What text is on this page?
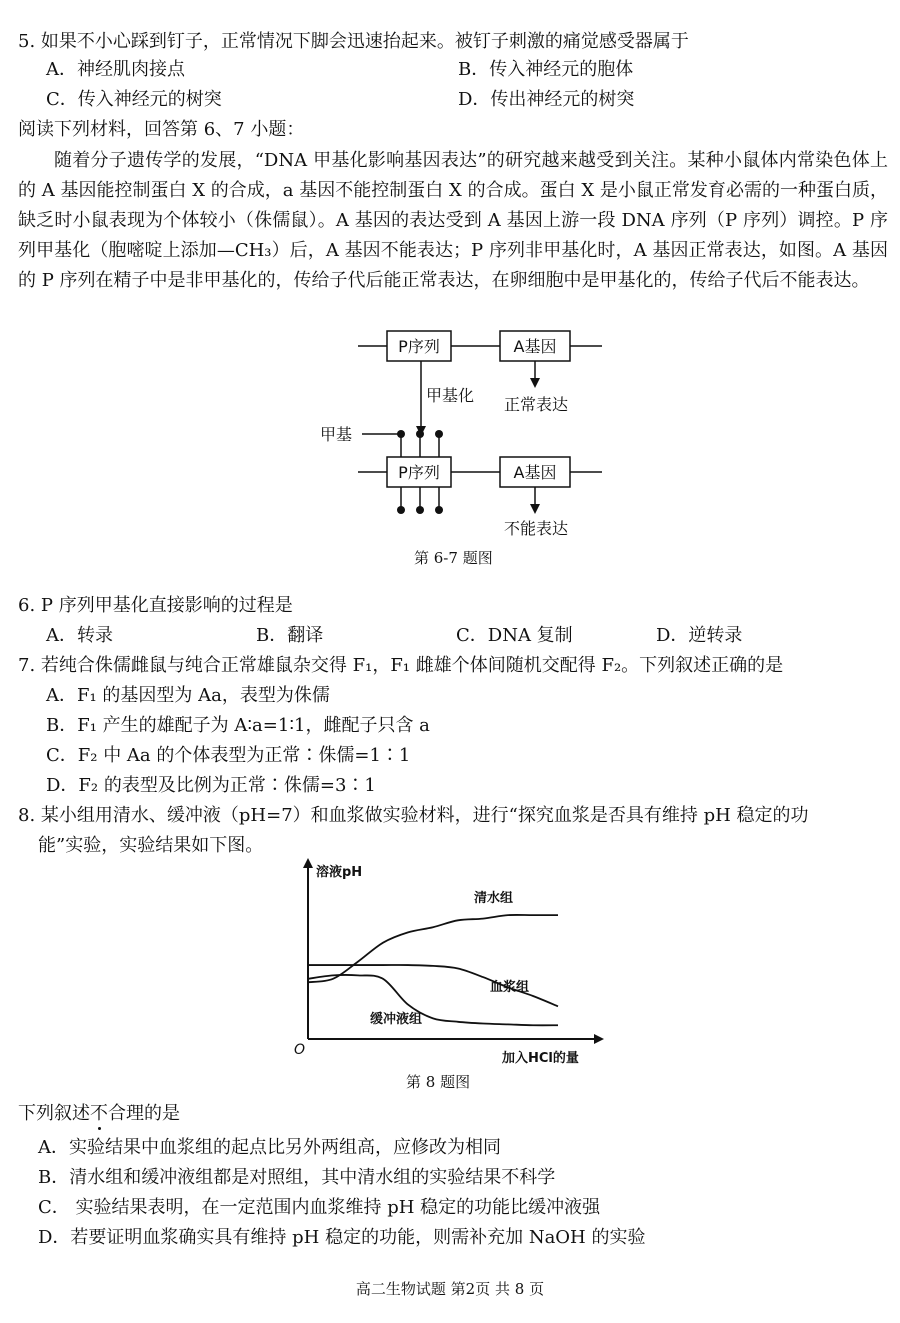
5. 如果不小心踩到钉子，正常情况下脚会迅速抬起来。被钉子刺激的痛觉感受器属于
A．神经肌肉接点	B．传入神经元的胞体
C．传入神经元的树突	D．传出神经元的树突
阅读下列材料，回答第 6、7 小题：

随着分子遗传学的发展，“DNA 甲基化影响基因表达”的研究越来越受到关注。某种小鼠体内常染色体上的 A 基因能控制蛋白 X 的合成，a 基因不能控制蛋白 X 的合成。蛋白 X 是小鼠正常发育必需的一种蛋白质，缺乏时小鼠表现为个体较小（侏儒鼠）。A 基因的表达受到 A 基因上游一段 DNA 序列（P 序列）调控。P 序列甲基化（胞嘧啶上添加—CH₃）后，A 基因不能表达；P 序列非甲基化时，A 基因正常表达，如图。A 基因的 P 序列在精子中是非甲基化的，传给子代后能正常表达，在卵细胞中是甲基化的，传给子代后不能表达。

P序列	A基因
甲基化 正常表达
甲基
P序列	A基因
不能表达
第 6-7 题图
6. P 序列甲基化直接影响的过程是
A．转录	B．翻译	C．DNA 复制	D．逆转录
7. 若纯合侏儒雌鼠与纯合正常雄鼠杂交得 F₁，F₁ 雌雄个体间随机交配得 F₂。下列叙述正确的是
A．F₁ 的基因型为 Aa，表型为侏儒
B．F₁ 产生的雄配子为 A∶a=1∶1，雌配子只含 a
C．F₂ 中 Aa 的个体表型为正常∶侏儒=1∶1
D．F₂ 的表型及比例为正常∶侏儒=3∶1
8. 某小组用清水、缓冲液（pH=7）和血浆做实验材料，进行“探究血浆是否具有维持 pH 稳定的功
能”实验，实验结果如下图。
溶液pH
加入HCl的量
O
清水组
血浆组
缓冲液组
第 8 题图
下列叙述不合理的是
A．实验结果中血浆组的起点比另外两组高，应修改为相同
B．清水组和缓冲液组都是对照组，其中清水组的实验结果不科学
C． 实验结果表明，在一定范围内血浆维持 pH 稳定的功能比缓冲液强
D．若要证明血浆确实具有维持 pH 稳定的功能，则需补充加 NaOH 的实验
高二生物试题 第2页 共 8 页
